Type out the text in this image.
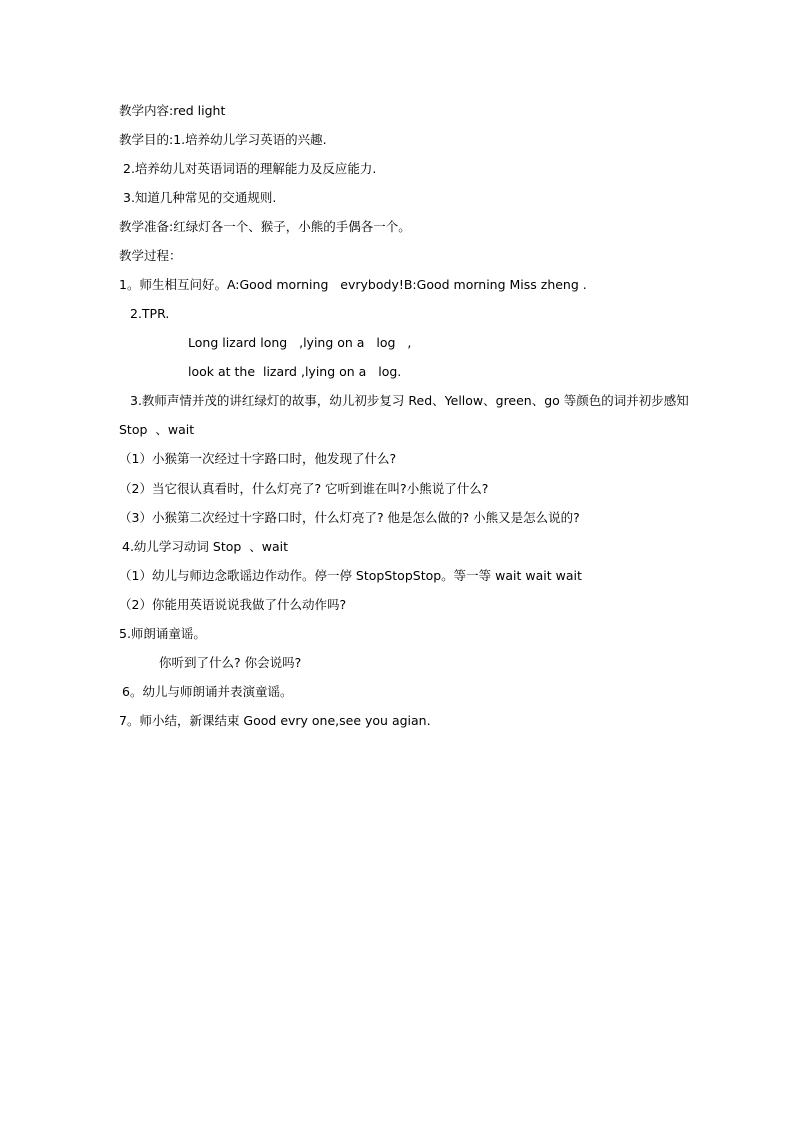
教学内容:red light
教学目的:1.培养幼儿学习英语的兴趣.
2.培养幼儿对英语词语的理解能力及反应能力.
3.知道几种常见的交通规则.
教学准备:红绿灯各一个、猴子，小熊的手偶各一个。
教学过程：
1。师生相互问好。A:Good morning   evrybody!B:Good morning Miss zheng .
2.TPR.
Long lizard long   ,lying on a   log   ,
look at the  lizard ,lying on a   log.
3.教师声情并茂的讲红绿灯的故事，幼儿初步复习 Red、Yellow、green、go 等颜色的词并初步感知
Stop  、wait
（1）小猴第一次经过十字路口时，他发现了什么?
（2）当它很认真看时，什么灯亮了? 它听到谁在叫?小熊说了什么?
（3）小猴第二次经过十字路口时，什么灯亮了? 他是怎么做的? 小熊又是怎么说的?
4.幼儿学习动词 Stop  、wait
（1）幼儿与师边念歌谣边作动作。停一停 StopStopStop。等一等 wait wait wait
（2）你能用英语说说我做了什么动作吗?
5.师朗诵童谣。
你听到了什么? 你会说吗?
6。幼儿与师朗诵并表演童谣。
7。师小结，新课结束 Good evry one,see you agian.
